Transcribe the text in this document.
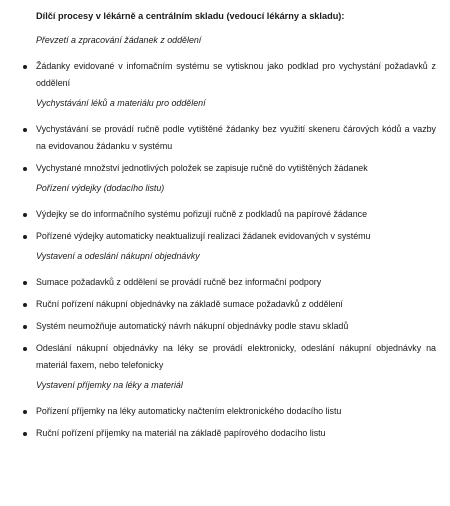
Dílčí procesy v lékárně a centrálním skladu (vedoucí lékárny a skladu):
Převzetí a zpracování žádanek z oddělení
Žádanky evidované v infomačním systému se vytisknou jako podklad pro vychystání požadavků z oddělení
Vychystávání léků a materiálu pro oddělení
Vychystávání se provádí ručně podle vytištěné žádanky bez využití skeneru čárových kódů a vazby na evidovanou žádanku v systému
Vychystané množství jednotlivých položek se zapisuje ručně do vytištěných žádanek
Pořízení výdejky (dodacího listu)
Výdejky se do informačního systému pořizují ručně z podkladů na papírové žádance
Pořízené výdejky automaticky neaktualizují realizaci žádanek evidovaných v systému
Vystavení a odeslání nákupní objednávky
Sumace požadavků z oddělení se provádí ručně bez informační podpory
Ruční pořízení nákupní objednávky na základě sumace požadavků z oddělení
Systém neumožňuje automatický návrh nákupní objednávky podle stavu skladů
Odeslání nákupní objednávky na léky se provádí elektronicky, odeslání nákupní objednávky na materiál faxem, nebo telefonicky
Vystavení příjemky na léky a materiál
Pořízení příjemky na léky automaticky načtením elektronického dodacího listu
Ruční pořízení příjemky na materiál na základě papírového dodacího listu
